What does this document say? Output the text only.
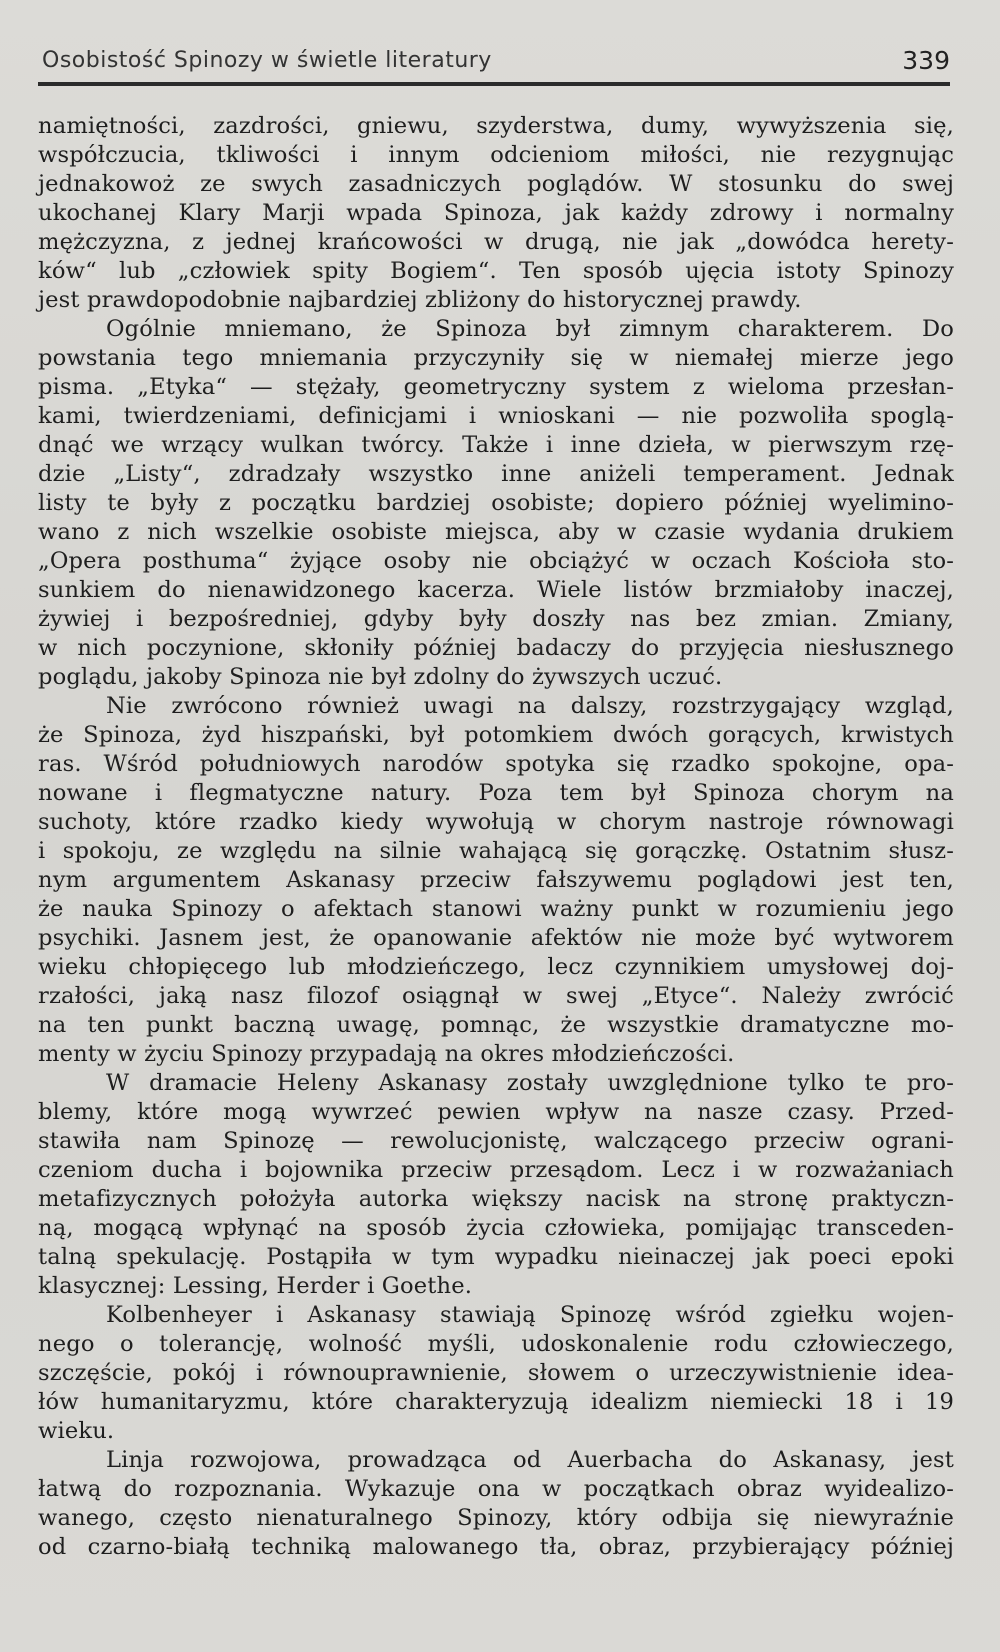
Osobistość Spinozy w świetle literatury	339
namiętności, zazdrości, gniewu, szyderstwa, dumy, wywyższenia się,
współczucia, tkliwości i innym odcieniom miłości, nie rezygnując
jednakowoż ze swych zasadniczych poglądów. W stosunku do swej
ukochanej Klary Marji wpada Spinoza, jak każdy zdrowy i normalny
mężczyzna, z jednej krańcowości w drugą, nie jak „dowódca herety-
ków“ lub „człowiek spity Bogiem“. Ten sposób ujęcia istoty Spinozy
jest prawdopodobnie najbardziej zbliżony do historycznej prawdy.
Ogólnie mniemano, że Spinoza był zimnym charakterem. Do
powstania tego mniemania przyczyniły się w niemałej mierze jego
pisma. „Etyka“ — stężały, geometryczny system z wieloma przesłan-
kami, twierdzeniami, definicjami i wnioskani — nie pozwoliła spoglą-
dnąć we wrzący wulkan twórcy. Także i inne dzieła, w pierwszym rzę-
dzie „Listy“, zdradzały wszystko inne aniżeli temperament. Jednak
listy te były z początku bardziej osobiste; dopiero później wyelimino-
wano z nich wszelkie osobiste miejsca, aby w czasie wydania drukiem
„Opera posthuma“ żyjące osoby nie obciążyć w oczach Kościoła sto-
sunkiem do nienawidzonego kacerza. Wiele listów brzmiałoby inaczej,
żywiej i bezpośredniej, gdyby były doszły nas bez zmian. Zmiany,
w nich poczynione, skłoniły później badaczy do przyjęcia niesłusznego
poglądu, jakoby Spinoza nie był zdolny do żywszych uczuć.
Nie zwrócono również uwagi na dalszy, rozstrzygający wzgląd,
że Spinoza, żyd hiszpański, był potomkiem dwóch gorących, krwistych
ras. Wśród południowych narodów spotyka się rzadko spokojne, opa-
nowane i flegmatyczne natury. Poza tem był Spinoza chorym na
suchoty, które rzadko kiedy wywołują w chorym nastroje równowagi
i spokoju, ze względu na silnie wahającą się gorączkę. Ostatnim słusz-
nym argumentem Askanasy przeciw fałszywemu poglądowi jest ten,
że nauka Spinozy o afektach stanowi ważny punkt w rozumieniu jego
psychiki. Jasnem jest, że opanowanie afektów nie może być wytworem
wieku chłopięcego lub młodzieńczego, lecz czynnikiem umysłowej doj-
rzałości, jaką nasz filozof osiągnął w swej „Etyce“. Należy zwrócić
na ten punkt baczną uwagę, pomnąc, że wszystkie dramatyczne mo-
menty w życiu Spinozy przypadają na okres młodzieńczości.
W dramacie Heleny Askanasy zostały uwzględnione tylko te pro-
blemy, które mogą wywrzeć pewien wpływ na nasze czasy. Przed-
stawiła nam Spinozę — rewolucjonistę, walczącego przeciw ograni-
czeniom ducha i bojownika przeciw przesądom. Lecz i w rozważaniach
metafizycznych położyła autorka większy nacisk na stronę praktyczn-
ną, mogącą wpłynąć na sposób życia człowieka, pomijając transceden-
talną spekulację. Postąpiła w tym wypadku nieinaczej jak poeci epoki
klasycznej: Lessing, Herder i Goethe.
Kolbenheyer i Askanasy stawiają Spinozę wśród zgiełku wojen-
nego o tolerancję, wolność myśli, udoskonalenie rodu człowieczego,
szczęście, pokój i równouprawnienie, słowem o urzeczywistnienie idea-
łów humanitaryzmu, które charakteryzują idealizm niemiecki 18 i 19
wieku.
Linja rozwojowa, prowadząca od Auerbacha do Askanasy, jest
łatwą do rozpoznania. Wykazuje ona w początkach obraz wyidealizo-
wanego, często nienaturalnego Spinozy, który odbija się niewyraźnie
od czarno-białą techniką malowanego tła, obraz, przybierający później
